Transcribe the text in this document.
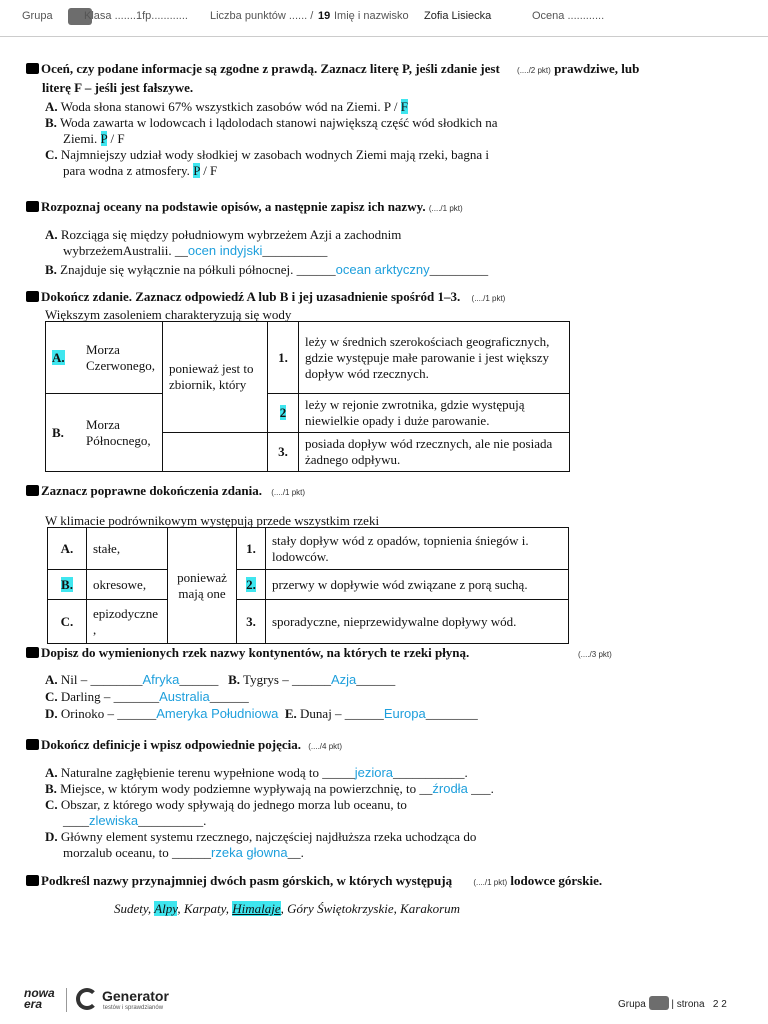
Grupa	Klasa .......1fp............ Liczba punktów ...... / 19 Imię i nazwisko Zofia Lisiecka	Ocena ............
Oceń, czy podane informacje są zgodne z prawdą. Zaznacz literę P, jeśli zdanie jest (..../2 pkt) prawdziwe, lub
literę F – jeśli jest fałszywe.
A. Woda słona stanowi 67% wszystkich zasobów wód na Ziemi. P / F
B. Woda zawarta w lodowcach i lądolodach stanowi największą część wód słodkich na
Ziemi. P / F
C. Najmniejszy udział wody słodkiej w zasobach wodnych Ziemi mają rzeki, bagna i
para wodna z atmosfery. P / F
Rozpoznaj oceany na podstawie opisów, a następnie zapisz ich nazwy. (..../1 pkt)
A. Rozciąga się między południowym wybrzeżem Azji a zachodnim
wybrzeżemAustralii. __ocen indyjski__________
B. Znajduje się wyłącznie na półkuli północnej. ______ocean arktyczny_________
Dokończ zdanie. Zaznacz odpowiedź A lub B i jej uzasadnienie spośród 1–3. (..../1 pkt)
Większym zasoleniem charakteryzują się wody
A.	Morza Czerwonego,	ponieważ jest to zbiornik, który	1.	leży w średnich szerokościach geograficznych, gdzie występuje małe parowanie i jest większy dopływ wód rzecznych.
B.	Morza Północnego,		2	leży w rejonie zwrotnika, gdzie występują niewielkie opady i duże parowanie.
			3.	posiada dopływ wód rzecznych, ale nie posiada żadnego odpływu.
Zaznacz poprawne dokończenia zdania. (..../1 pkt)
W klimacie podrównikowym występują przede wszystkim rzeki
A.	stałe,	ponieważ mają one	1.	stały dopływ wód z opadów, topnienia śniegów i. lodowców.
B.	okresowe,		2.	przerwy w dopływie wód związane z porą suchą.
C.	epizodyczne ,		3.	sporadyczne, nieprzewidywalne dopływy wód.
Dopisz do wymienionych rzek nazwy kontynentów, na których te rzeki płyną.	(..../3 pkt)
A. Nil – ________Afryka______ B. Tygrys – ______Azja______
C. Darling – _______Australia______
D. Orinoko – ______Ameryka Południowa E. Dunaj – ______Europa________
Dokończ definicje i wpisz odpowiednie pojęcia. (..../4 pkt)
A. Naturalne zagłębienie terenu wypełnione wodą to _____jeziora___________.
B. Miejsce, w którym wody podziemne wypływają na powierzchnię, to __źrodła ___.
C. Obszar, z którego wody spływają do jednego morza lub oceanu, to
____zlewiska__________.
D. Główny element systemu rzecznego, najczęściej najdłuższa rzeka uchodząca do
morzalub oceanu, to ______rzeka głowna__.
Podkreśl nazwy przynajmniej dwóch pasm górskich, w których występują	(..../1 pkt) lodowce górskie.
Sudety, Alpy, Karpaty, Himalaje, Góry Świętokrzyskie, Karakorum
nowa
era	Generator
testów i sprawdzianów	Grupa	| strona 2 2
